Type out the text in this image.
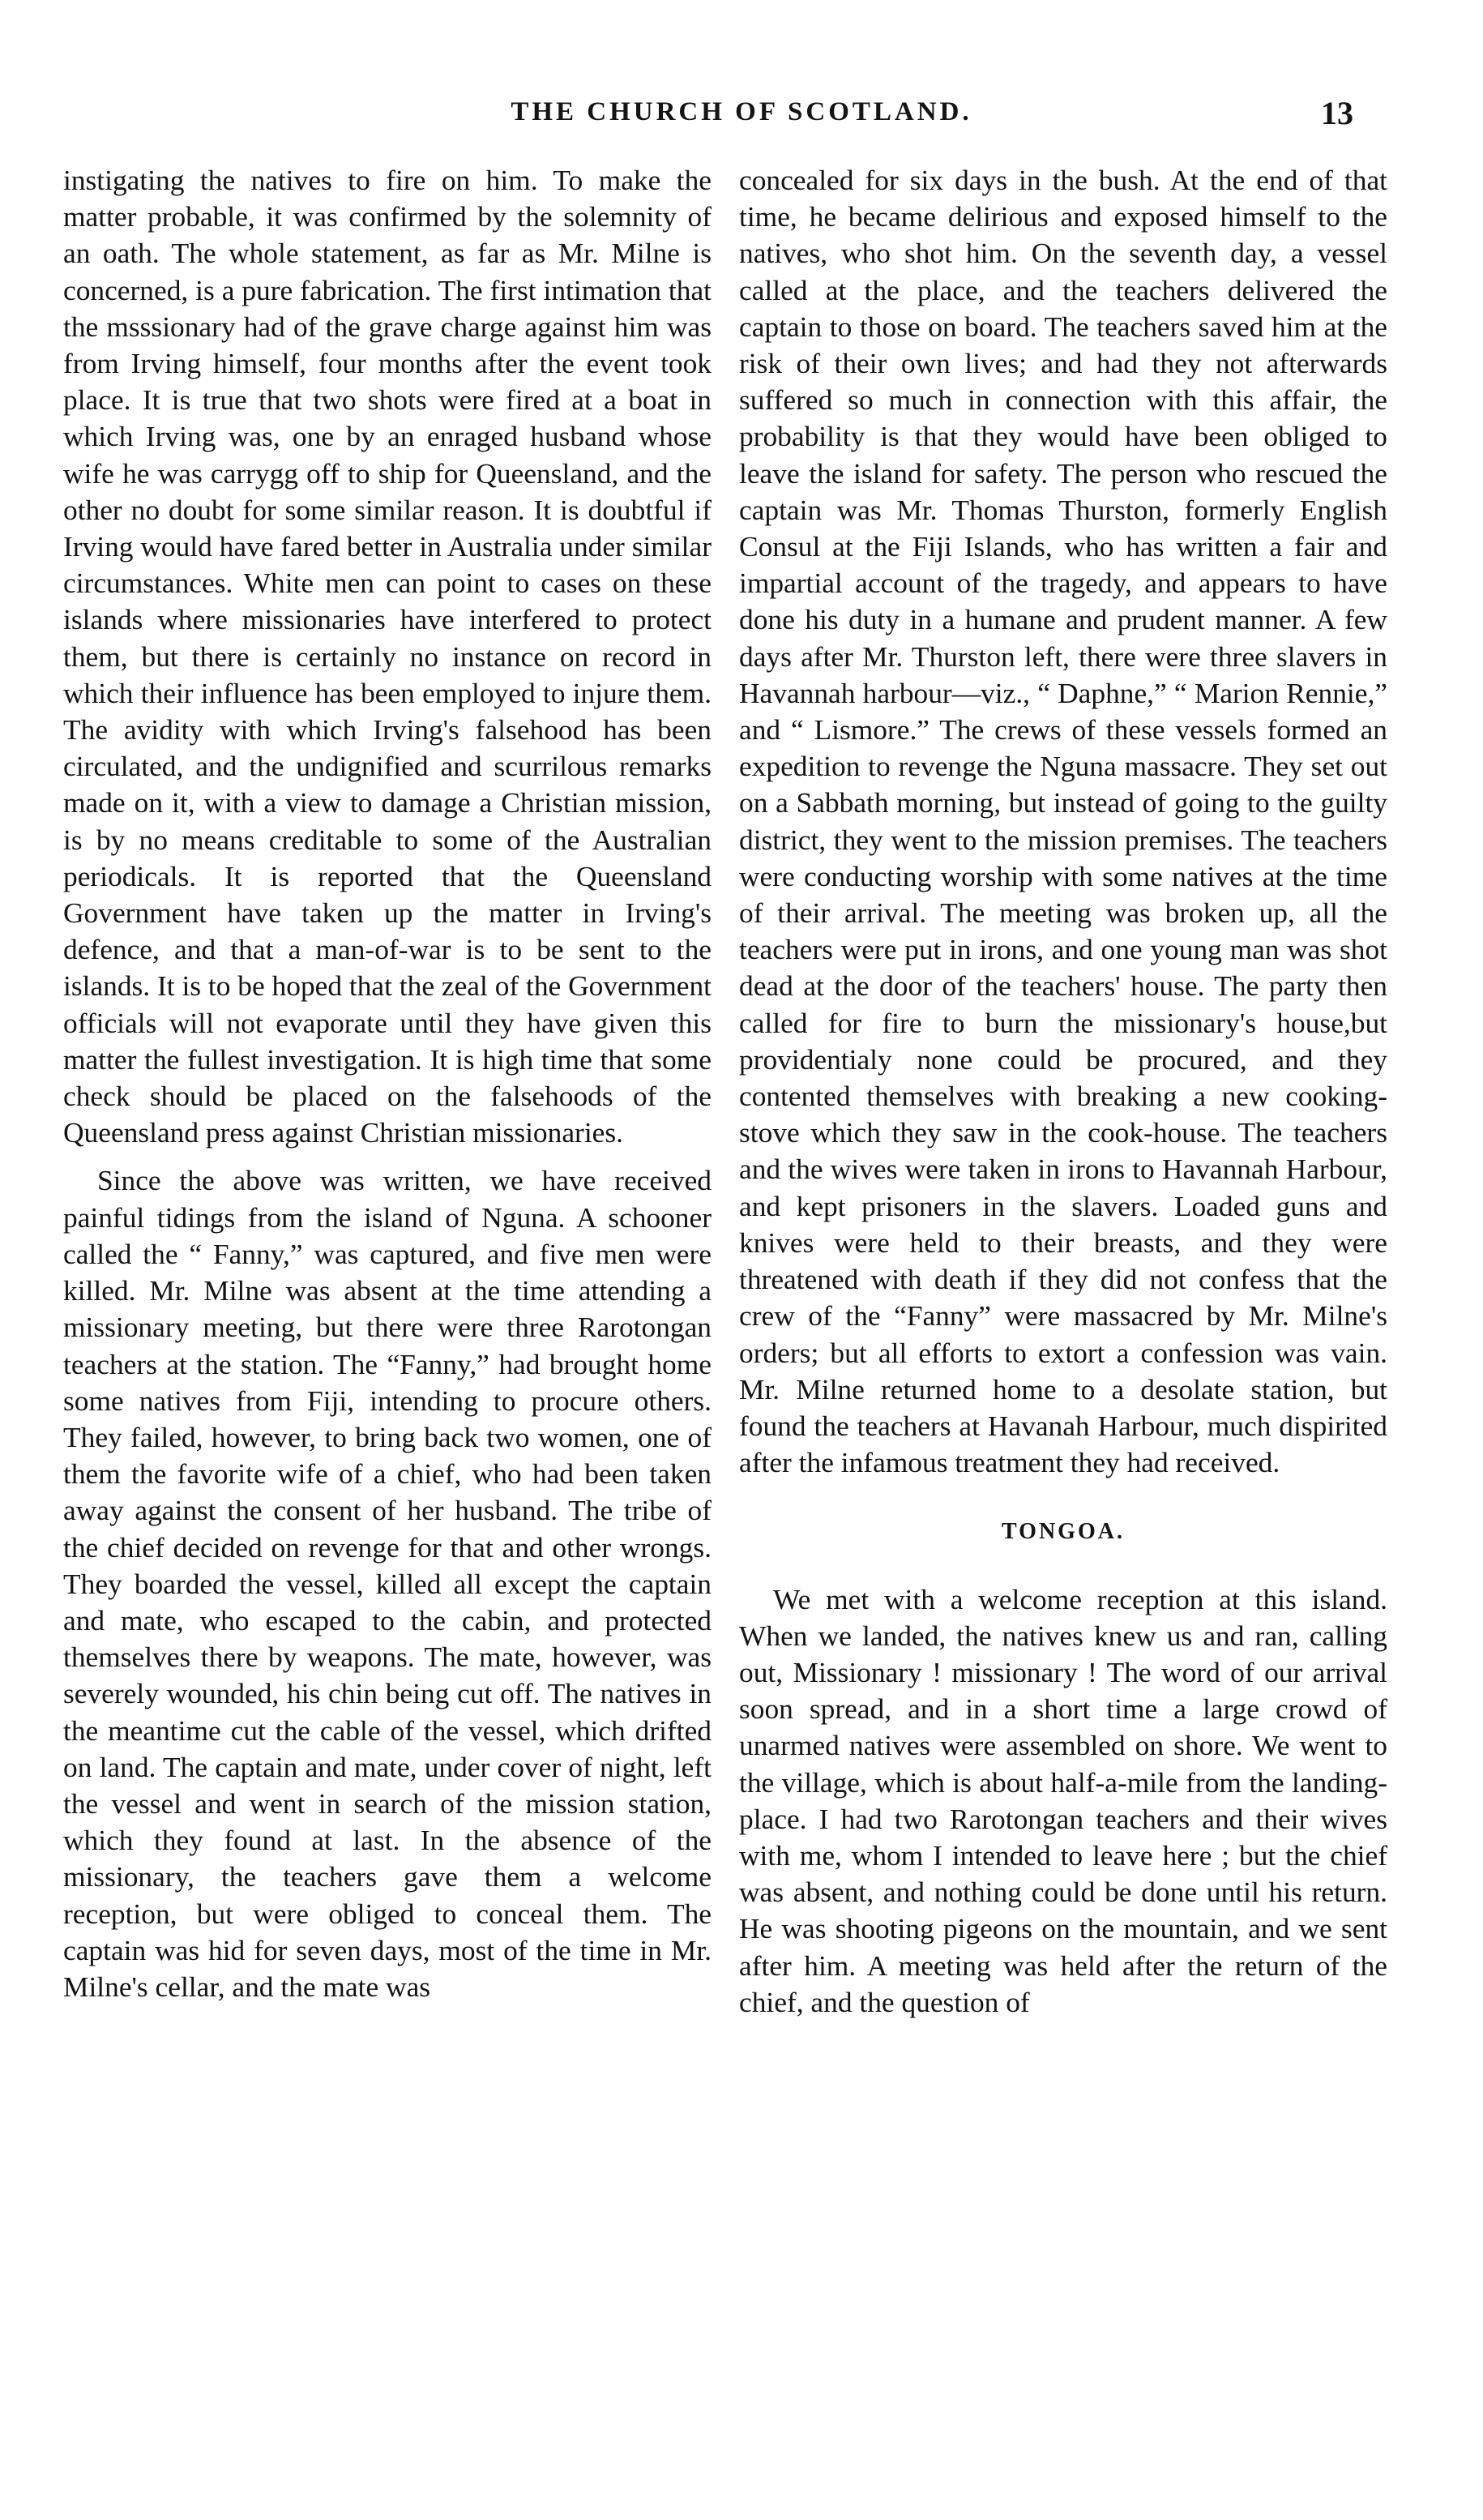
THE CHURCH OF SCOTLAND.	13

instigating the natives to fire on him. To make the matter probable, it was confirmed by the solemnity of an oath. The whole statement, as far as Mr. Milne is concerned, is a pure fabrication. The first intimation that the msssionary had of the grave charge against him was from Irving himself, four months after the event took place. It is true that two shots were fired at a boat in which Irving was, one by an enraged husband whose wife he was carrygg off to ship for Queensland, and the other no doubt for some similar reason. It is doubtful if Irving would have fared better in Australia under similar circumstances. White men can point to cases on these islands where missionaries have interfered to protect them, but there is certainly no instance on record in which their influence has been employed to injure them. The avidity with which Irving's falsehood has been circulated, and the undignified and scurrilous remarks made on it, with a view to damage a Christian mission, is by no means creditable to some of the Australian periodicals. It is reported that the Queensland Government have taken up the matter in Irving's defence, and that a man-of-war is to be sent to the islands. It is to be hoped that the zeal of the Government officials will not evaporate until they have given this matter the fullest investigation. It is high time that some check should be placed on the falsehoods of the Queensland press against Christian missionaries.

Since the above was written, we have received painful tidings from the island of Nguna. A schooner called the “ Fanny,” was captured, and five men were killed. Mr. Milne was absent at the time attending a missionary meeting, but there were three Rarotongan teachers at the station. The “Fanny,” had brought home some natives from Fiji, intending to procure others. They failed, however, to bring back two women, one of them the favorite wife of a chief, who had been taken away against the consent of her husband. The tribe of the chief decided on revenge for that and other wrongs. They boarded the vessel, killed all except the captain and mate, who escaped to the cabin, and protected themselves there by weapons. The mate, however, was severely wounded, his chin being cut off. The natives in the meantime cut the cable of the vessel, which drifted on land. The captain and mate, under cover of night, left the vessel and went in search of the mission station, which they found at last. In the absence of the missionary, the teachers gave them a welcome reception, but were obliged to conceal them. The captain was hid for seven days, most of the time in Mr. Milne's cellar, and the mate was

concealed for six days in the bush. At the end of that time, he became delirious and exposed himself to the natives, who shot him. On the seventh day, a vessel called at the place, and the teachers delivered the captain to those on board. The teachers saved him at the risk of their own lives; and had they not afterwards suffered so much in connection with this affair, the probability is that they would have been obliged to leave the island for safety. The person who rescued the captain was Mr. Thomas Thurston, formerly English Consul at the Fiji Islands, who has written a fair and impartial account of the tragedy, and appears to have done his duty in a humane and prudent manner. A few days after Mr. Thurston left, there were three slavers in Havannah harbour—viz., “ Daphne,” “ Marion Rennie,” and “ Lismore.” The crews of these vessels formed an expedition to revenge the Nguna massacre. They set out on a Sabbath morning, but instead of going to the guilty district, they went to the mission premises. The teachers were conducting worship with some natives at the time of their arrival. The meeting was broken up, all the teachers were put in irons, and one young man was shot dead at the door of the teachers' house. The party then called for fire to burn the missionary's house,but providentialy none could be procured, and they contented themselves with breaking a new cooking-stove which they saw in the cook-house. The teachers and the wives were taken in irons to Havannah Harbour, and kept prisoners in the slavers. Loaded guns and knives were held to their breasts, and they were threatened with death if they did not confess that the crew of the “Fanny” were massacred by Mr. Milne's orders; but all efforts to extort a confession was vain. Mr. Milne returned home to a desolate station, but found the teachers at Havanah Harbour, much dispirited after the infamous treatment they had received.

TONGOA.

We met with a welcome reception at this island. When we landed, the natives knew us and ran, calling out, Missionary ! missionary ! The word of our arrival soon spread, and in a short time a large crowd of unarmed natives were assembled on shore. We went to the village, which is about half-a-mile from the landing-place. I had two Rarotongan teachers and their wives with me, whom I intended to leave here ; but the chief was absent, and nothing could be done until his return. He was shooting pigeons on the mountain, and we sent after him. A meeting was held after the return of the chief, and the question of
